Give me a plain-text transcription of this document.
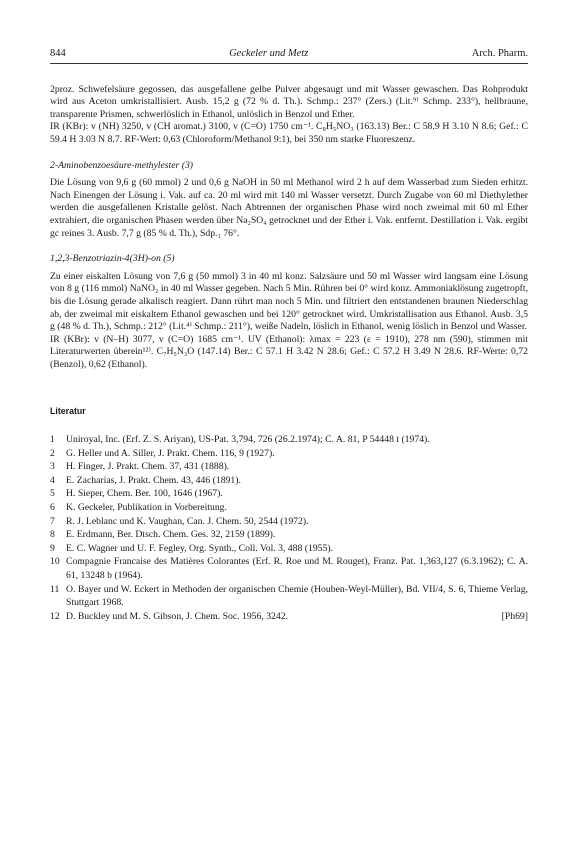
844	Geckeler und Metz	Arch. Pharm.

2proz. Schwefelsäure gegossen, das ausgefallene gelbe Pulver abgesaugt und mit Wasser gewaschen. Das Rohprodukt wird aus Aceton umkristallisiert. Ausb. 15,2 g (72 % d. Th.). Schmp.: 237° (Zers.) (Lit.⁹⁾ Schmp. 233°), hellbraune, transparente Prismen, schwerlöslich in Ethanol, unlöslich in Benzol und Ether.

IR (KBr): v (NH) 3250, v (CH aromat.) 3100, v (C=O) 1750 cm⁻¹. C₈H₅NO₃ (163.13) Ber.: C 58.9 H 3.10 N 8.6; Gef.: C 59.4 H 3.03 N 8.7. RF-Wert: 0,63 (Chloroform/Methanol 9:1), bei 350 nm starke Fluoreszenz.

2-Aminobenzoesäure-methylester (3)

Die Lösung von 9,6 g (60 mmol) 2 und 0,6 g NaOH in 50 ml Methanol wird 2 h auf dem Wasserbad zum Sieden erhitzt. Nach Einengen der Lösung i. Vak. auf ca. 20 ml wird mit 140 ml Wasser versetzt. Durch Zugabe von 60 ml Diethylether werden die ausgefallenen Kristalle gelöst. Nach Abtrennen der organischen Phase wird noch zweimal mit 60 ml Ether extrahiert, die organischen Phasen werden über Na₂SO₄ getrocknet und der Ether i. Vak. entfernt. Destillation i. Vak. ergibt gc reines 3. Ausb. 7,7 g (85 % d. Th.), Sdp.₁ 76°.

1,2,3-Benzotriazin-4(3H)-on (5)

Zu einer eiskalten Lösung von 7,6 g (50 mmol) 3 in 40 ml konz. Salzsäure und 50 ml Wasser wird langsam eine Lösung von 8 g (116 mmol) NaNO₂ in 40 ml Wasser gegeben. Nach 5 Min. Rühren bei 0° wird konz. Ammoniaklösung zugetropft, bis die Lösung gerade alkalisch reagiert. Dann rührt man noch 5 Min. und filtriert den entstandenen braunen Niederschlag ab, der zweimal mit eiskaltem Ethanol gewaschen und bei 120° getrocknet wird. Umkristallisation aus Ethanol. Ausb. 3,5 g (48 % d. Th.), Schmp.: 212° (Lit.⁴⁾ Schmp.: 211°), weiße Nadeln, löslich in Ethanol, wenig löslich in Benzol und Wasser.

IR (KBr): v (N–H) 3077, v (C=O) 1685 cm⁻¹. UV (Ethanol): λmax = 223 (ε = 1910), 278 nm (590), stimmen mit Literaturwerten überein¹²⁾. C₇H₅N₃O (147.14) Ber.: C 57.1 H 3.42 N 28.6; Gef.: C 57.2 H 3.49 N 28.6. RF-Werte: 0,72 (Benzol), 0,62 (Ethanol).

Literatur
1	Uniroyal, Inc. (Erf. Z. S. Ariyan), US-Pat. 3,794, 726 (26.2.1974); C. A. 81, P 54448 t (1974).
2	G. Heller und A. Siller, J. Prakt. Chem. 116, 9 (1927).
3	H. Finger, J. Prakt. Chem. 37, 431 (1888).
4	E. Zacharias, J. Prakt. Chem. 43, 446 (1891).
5	H. Sieper, Chem. Ber. 100, 1646 (1967).
6	K. Geckeler, Publikation in Vorbereitung.
7	R. J. Leblanc und K. Vaughan, Can. J. Chem. 50, 2544 (1972).
8	E. Erdmann, Ber. Dtsch. Chem. Ges. 32, 2159 (1899).
9	E. C. Wagner und U. F. Fegley, Org. Synth., Coll. Vol. 3, 488 (1955).
10 Compagnie Francaise des Matières Colorantes (Erf. R. Roe und M. Rouget), Franz. Pat. 1,363,127 (6.3.1962); C. A. 61, 13248 b (1964).
11 O. Bayer und W. Eckert in Methoden der organischen Chemie (Houben-Weyl-Müller), Bd. VII/4, S. 6, Thieme Verlag, Stuttgart 1968.
12 D. Buckley und M. S. Gibson, J. Chem. Soc. 1956, 3242.	[Ph69]
